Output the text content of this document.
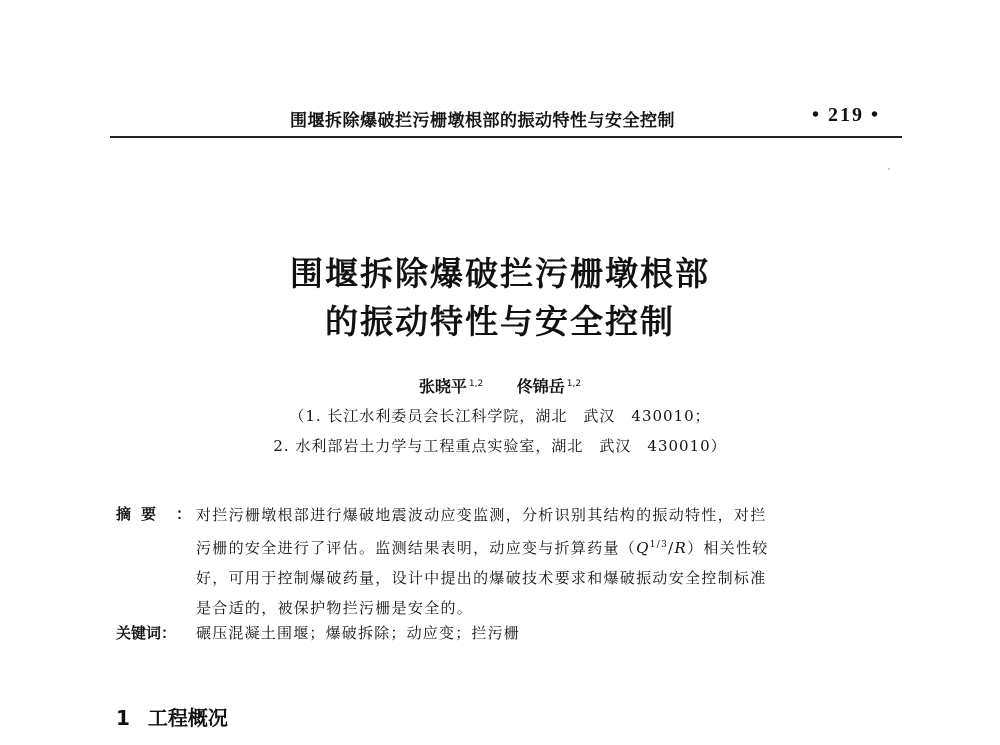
围堰拆除爆破拦污栅墩根部的振动特性与安全控制	• 219 •
围堰拆除爆破拦污栅墩根部
的振动特性与安全控制
张晓平 $^{1,2}$ 佟锦岳 $^{1,2}$
（1. 长江水利委员会长江科学院，湖北　武汉　430010；
2. 水利部岩土力学与工程重点实验室，湖北　武汉　430010）
摘要 ： 对拦污栅墩根部进行爆破地震波动应变监测，分析识别其结构的振动特性，对拦

污栅的安全进行了评估。监测结果表明，动应变与折算药量$(Q^{1/3}/R)$相关性较

好，可用于控制爆破药量，设计中提出的爆破技术要求和爆破振动安全控制标准

是合适的，被保护物拦污栅是安全的。

关键词： 碾压混凝土围堰；爆破拆除；动应变；拦污栅
1 工程概况
